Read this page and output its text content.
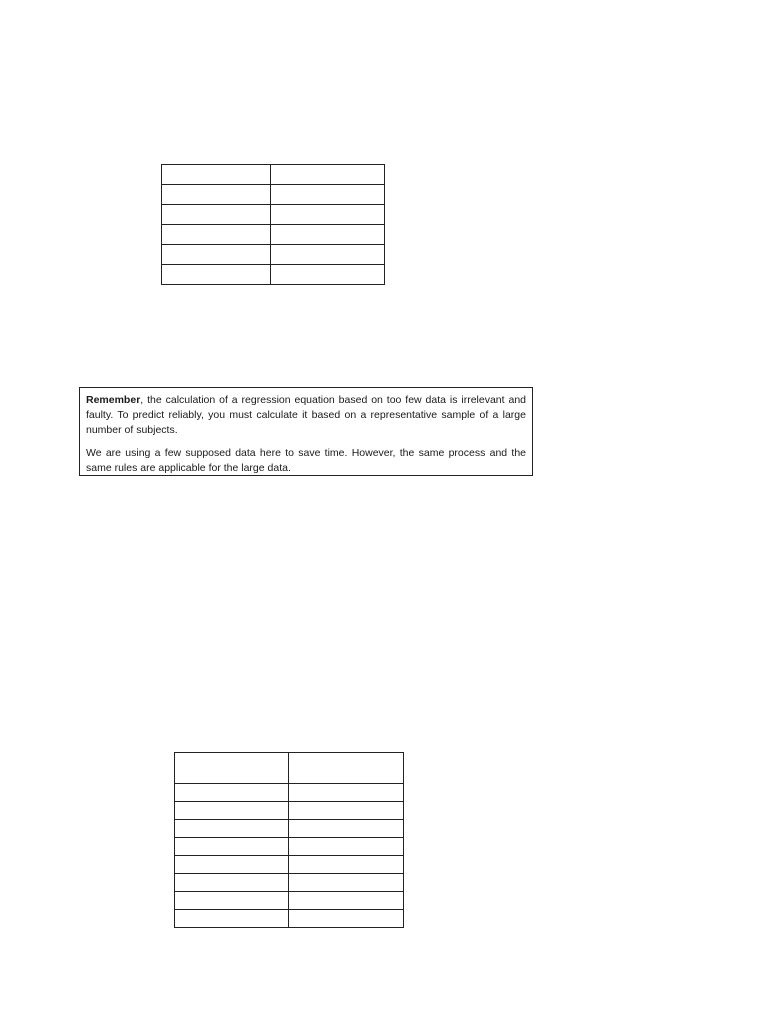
Remember, the calculation of a regression equation based on too few data is irrelevant and faulty. To predict reliably, you must calculate it based on a representative sample of a large number of subjects.

We are using a few supposed data here to save time. However, the same process and the same rules are applicable for the large data.
